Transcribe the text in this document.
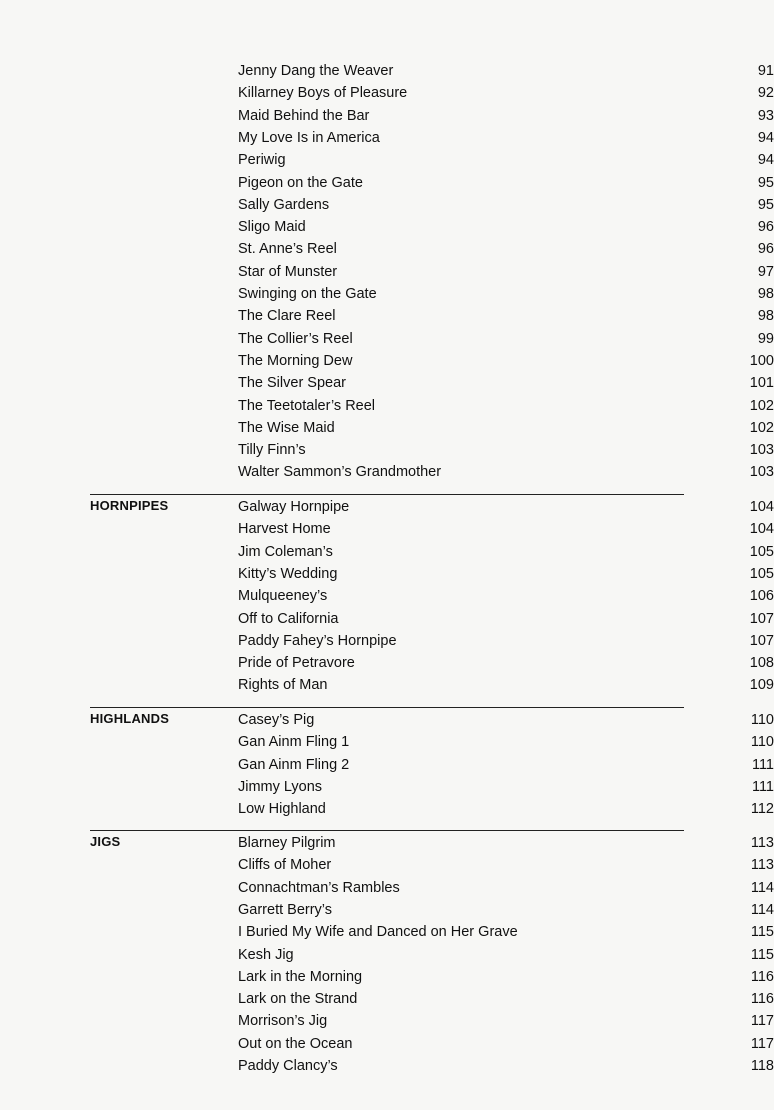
Jenny Dang the Weaver	91
Killarney Boys of Pleasure	92
Maid Behind the Bar	93
My Love Is in America	94
Periwig	94
Pigeon on the Gate	95
Sally Gardens	95
Sligo Maid	96
St. Anne’s Reel	96
Star of Munster	97
Swinging on the Gate	98
The Clare Reel	98
The Collier’s Reel	99
The Morning Dew	100
The Silver Spear	101
The Teetotaler’s Reel	102
The Wise Maid	102
Tilly Finn’s	103
Walter Sammon’s Grandmother	103
HORNPIPES	Galway Hornpipe	104
Harvest Home	104
Jim Coleman’s	105
Kitty’s Wedding	105
Mulqueeney’s	106
Off to California	107
Paddy Fahey’s Hornpipe	107
Pride of Petravore	108
Rights of Man	109
HIGHLANDS	Casey’s Pig	110
Gan Ainm Fling 1	110
Gan Ainm Fling 2	111
Jimmy Lyons	111
Low Highland	112
JIGS	Blarney Pilgrim	113
Cliffs of Moher	113
Connachtman’s Rambles	114
Garrett Berry’s	114
I Buried My Wife and Danced on Her Grave	115
Kesh Jig	115
Lark in the Morning	116
Lark on the Strand	116
Morrison’s Jig	117
Out on the Ocean	117
Paddy Clancy’s	118
